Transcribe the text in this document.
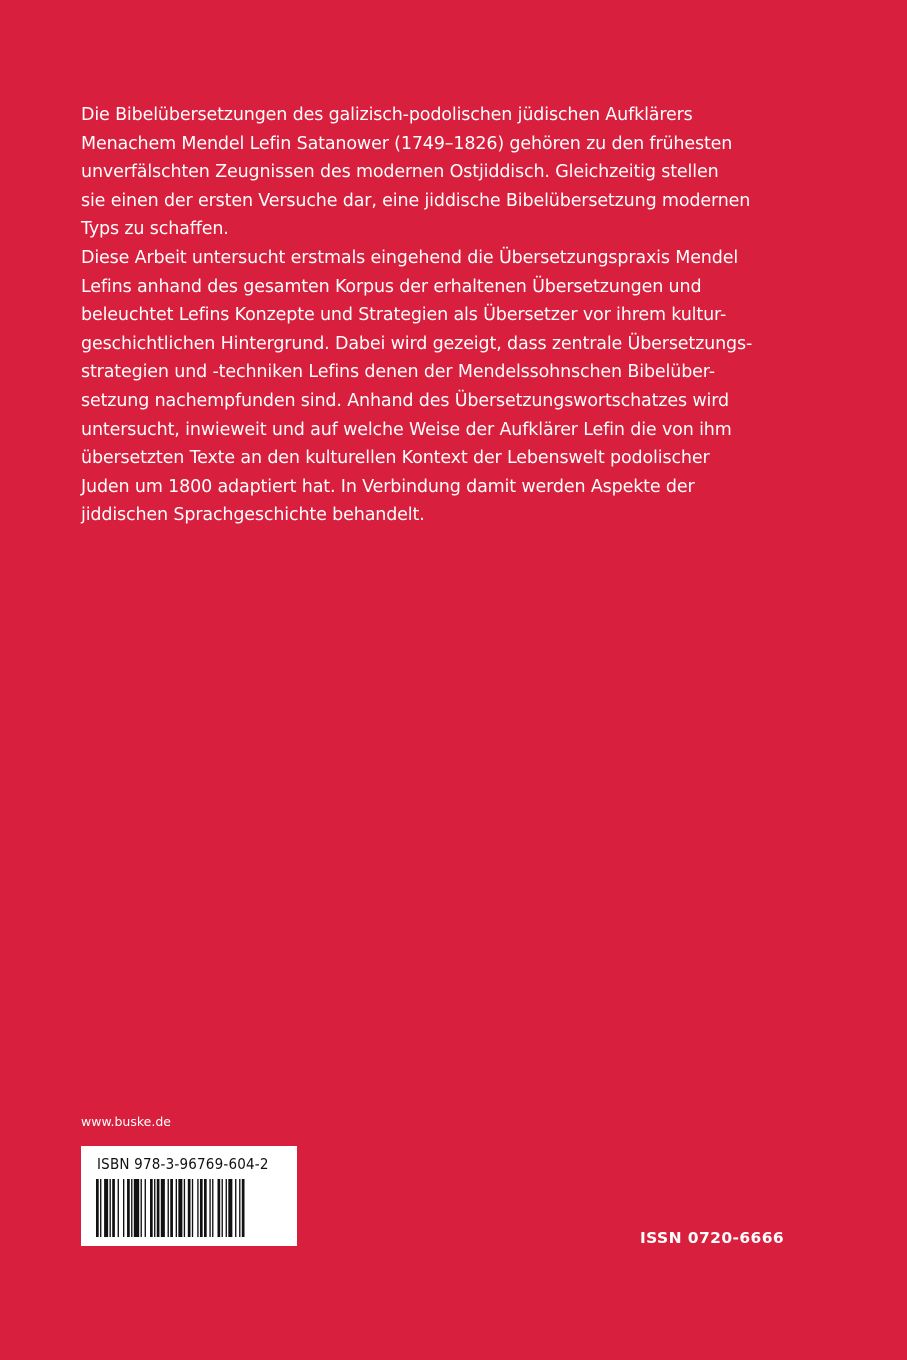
Die Bibelübersetzungen des galizisch-podolischen jüdischen Aufklärers
Menachem Mendel Lefin Satanower (1749–1826) gehören zu den frühesten
unverfälschten Zeugnissen des modernen Ostjiddisch. Gleichzeitig stellen
sie einen der ersten Versuche dar, eine jiddische Bibelübersetzung modernen
Typs zu schaffen.
Diese Arbeit untersucht erstmals eingehend die Übersetzungspraxis Mendel
Lefins anhand des gesamten Korpus der erhaltenen Übersetzungen und
beleuchtet Lefins Konzepte und Strategien als Übersetzer vor ihrem kultur-
geschichtlichen Hintergrund. Dabei wird gezeigt, dass zentrale Übersetzungs-
strategien und -techniken Lefins denen der Mendelssohnschen Bibelüber-
setzung nachempfunden sind. Anhand des Übersetzungswortschatzes wird
untersucht, inwieweit und auf welche Weise der Aufklärer Lefin die von ihm
übersetzten Texte an den kulturellen Kontext der Lebenswelt podolischer
Juden um 1800 adaptiert hat. In Verbindung damit werden Aspekte der
jiddischen Sprachgeschichte behandelt.
www.buske.de
ISBN 978-3-96769-604-2
ISSN 0720-6666
